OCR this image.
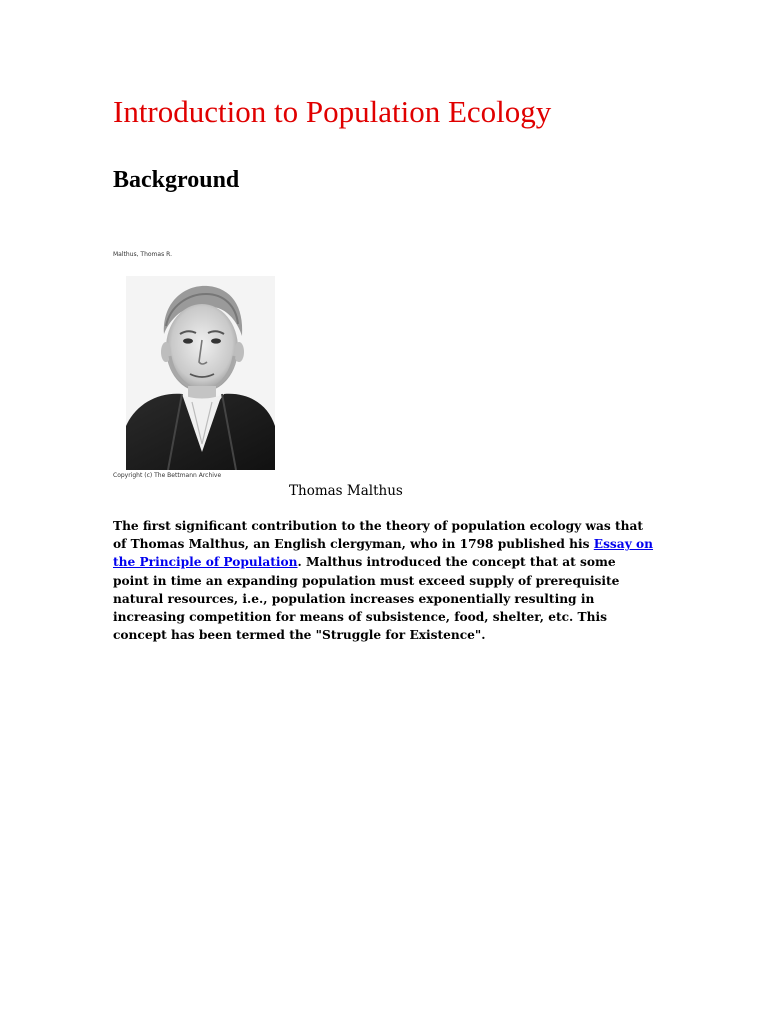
Introduction to Population Ecology
Background
Malthus, Thomas R.
Copyright (c) The Bettmann Archive
Thomas Malthus

The first significant contribution to the theory of population ecology was that of Thomas Malthus, an English clergyman, who in 1798 published his Essay on the Principle of Population. Malthus introduced the concept that at some point in time an expanding population must exceed supply of prerequisite natural resources, i.e., population increases exponentially resulting in increasing competition for means of subsistence, food, shelter, etc. This concept has been termed the "Struggle for Existence".
